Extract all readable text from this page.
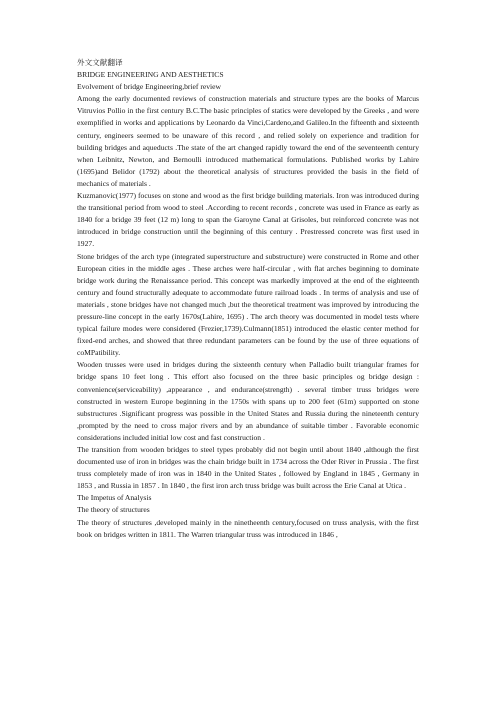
外文文献翻译
BRIDGE ENGINEERING AND AESTHETICS
Evolvement of bridge Engineering,brief review
Among the early documented reviews of construction materials and structure types are the books of Marcus Vitruvios Pollio in the first century B.C.The basic principles of statics were developed by the Greeks , and were exemplified in works and applications by Leonardo da Vinci,Cardeno,and Galileo.In the fifteenth and sixteenth century, engineers seemed to be unaware of this record , and relied solely on experience and tradition for building bridges and aqueducts .The state of the art changed rapidly toward the end of the seventeenth century when Leibnitz, Newton, and Bernoulli introduced mathematical formulations. Published works by Lahire (1695)and Belidor (1792) about the theoretical analysis of structures provided the basis in the field of mechanics of materials .
Kuzmanovic(1977) focuses on stone and wood as the first bridge building materials. Iron was introduced during the transitional period from wood to steel .According to recent records , concrete was used in France as early as 1840 for a bridge 39 feet (12 m) long to span the Garoyne Canal at Grisoles, but reinforced concrete was not introduced in bridge construction until the beginning of this century . Prestressed concrete was first used in 1927.
Stone bridges of the arch type (integrated superstructure and substructure) were constructed in Rome and other European cities in the middle ages . These arches were half-circular , with flat arches beginning to dominate bridge work during the Renaissance period. This concept was markedly improved at the end of the eighteenth century and found structurally adequate to accommodate future railroad loads . In terms of analysis and use of materials , stone bridges have not changed much ,but the theoretical treatment was improved by introducing the pressure-line concept in the early 1670s(Lahire, 1695) . The arch theory was documented in model tests where typical failure modes were considered (Frezier,1739).Culmann(1851) introduced the elastic center method for fixed-end arches, and showed that three redundant parameters can be found by the use of three equations of coMPatibility.
Wooden trusses were used in bridges during the sixteenth century when Palladio built triangular frames for bridge spans 10 feet long . This effort also focused on the three basic principles og bridge design : convenience(serviceability) ,appearance , and endurance(strength) . several timber truss bridges were constructed in western Europe beginning in the 1750s with spans up to 200 feet (61m) supported on stone substructures .Significant progress was possible in the United States and Russia during the nineteenth century ,prompted by the need to cross major rivers and by an abundance of suitable timber . Favorable economic considerations included initial low cost and fast construction .
The transition from wooden bridges to steel types probably did not begin until about 1840 ,although the first documented use of iron in bridges was the chain bridge built in 1734 across the Oder River in Prussia . The first truss completely made of iron was in 1840 in the United States , followed by England in 1845 , Germany in 1853 , and Russia in 1857 . In 1840 , the first iron arch truss bridge was built across the Erie Canal at Utica .
The Impetus of Analysis
The theory of structures
The theory of structures ,developed mainly in the ninetheenth century,focused on truss analysis, with the first book on bridges written in 1811. The Warren triangular truss was introduced in 1846 ,
